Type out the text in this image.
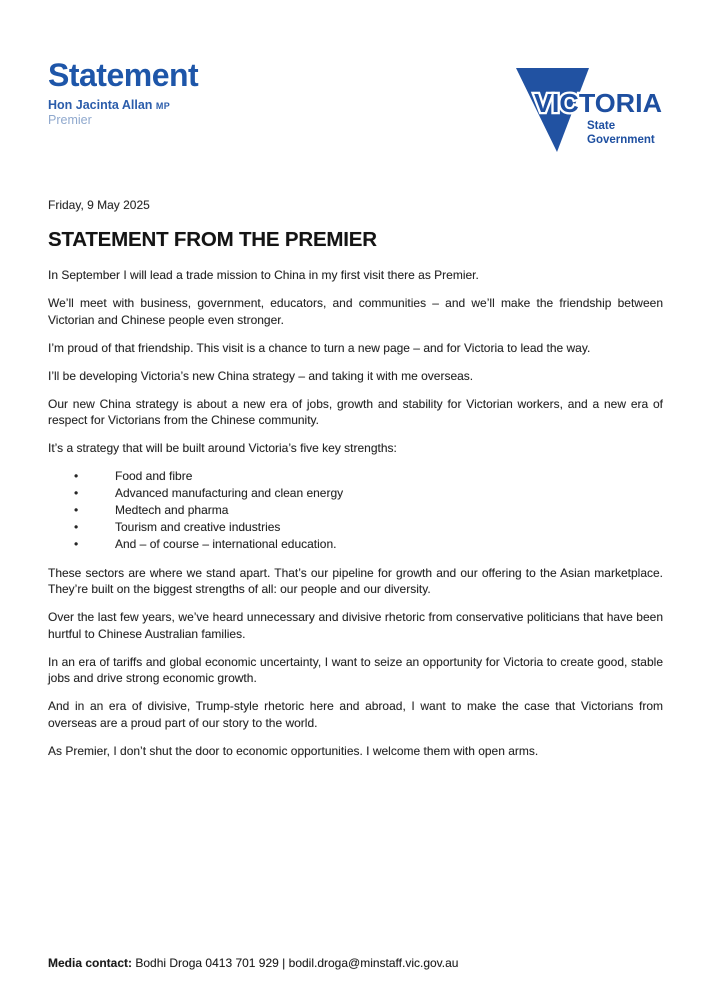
Statement
Hon Jacinta Allan MP
Premier
VICTORIA
State
Government
Friday, 9 May 2025
STATEMENT FROM THE PREMIER

In September I will lead a trade mission to China in my first visit there as Premier.

We’ll meet with business, government, educators, and communities – and we’ll make the friendship between Victorian and Chinese people even stronger.

I’m proud of that friendship. This visit is a chance to turn a new page – and for Victoria to lead the way.

I’ll be developing Victoria’s new China strategy – and taking it with me overseas.

Our new China strategy is about a new era of jobs, growth and stability for Victorian workers, and a new era of respect for Victorians from the Chinese community.

It’s a strategy that will be built around Victoria’s five key strengths:

• Food and fibre
• Advanced manufacturing and clean energy
• Medtech and pharma
• Tourism and creative industries
• And – of course – international education.

These sectors are where we stand apart. That’s our pipeline for growth and our offering to the Asian marketplace. They’re built on the biggest strengths of all: our people and our diversity.

Over the last few years, we’ve heard unnecessary and divisive rhetoric from conservative politicians that have been hurtful to Chinese Australian families.

In an era of tariffs and global economic uncertainty, I want to seize an opportunity for Victoria to create good, stable jobs and drive strong economic growth.

And in an era of divisive, Trump-style rhetoric here and abroad, I want to make the case that Victorians from overseas are a proud part of our story to the world.

As Premier, I don’t shut the door to economic opportunities. I welcome them with open arms.

Media contact: Bodhi Droga 0413 701 929 | bodil.droga@minstaff.vic.gov.au
